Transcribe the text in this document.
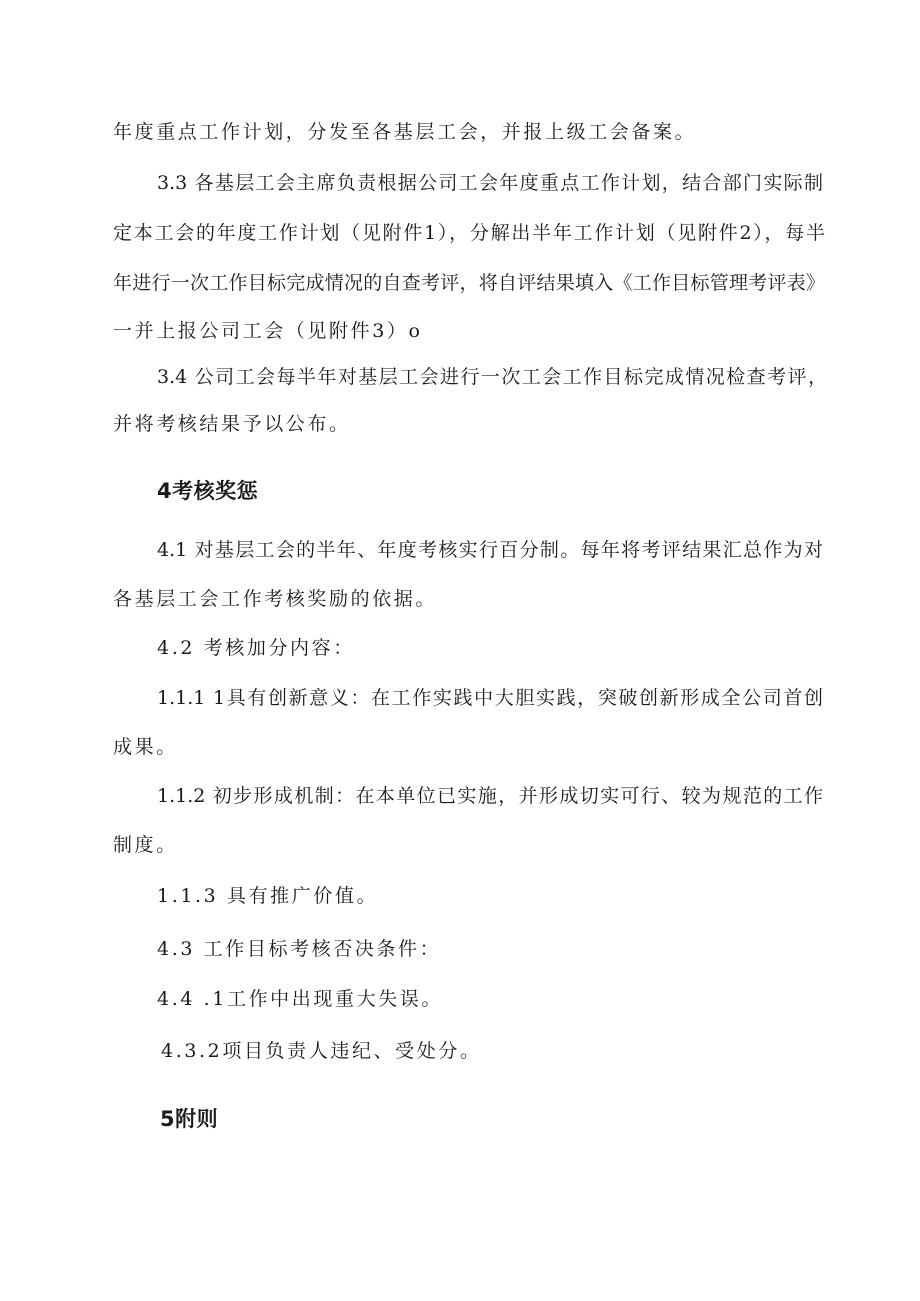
年度重点工作计划，分发至各基层工会，并报上级工会备案。
3.3 各基层工会主席负责根据公司工会年度重点工作计划，结合部门实际制
定本工会的年度工作计划（见附件1），分解出半年工作计划（见附件2），每半
年进行一次工作目标完成情况的自查考评，将自评结果填入《工作目标管理考评表》
一并上报公司工会（见附件3）o
3.4 公司工会每半年对基层工会进行一次工会工作目标完成情况检查考评，
并将考核结果予以公布。
4考核奖惩
4.1 对基层工会的半年、年度考核实行百分制。每年将考评结果汇总作为对
各基层工会工作考核奖励的依据。
4.2 考核加分内容：
1.1.1 1具有创新意义：在工作实践中大胆实践，突破创新形成全公司首创
成果。
1.1.2 初步形成机制：在本单位已实施，并形成切实可行、较为规范的工作
制度。
1.1.3 具有推广价值。
4.3 工作目标考核否决条件：
4.4 .1工作中出现重大失误。
4.3.2项目负责人违纪、受处分。
5附则
